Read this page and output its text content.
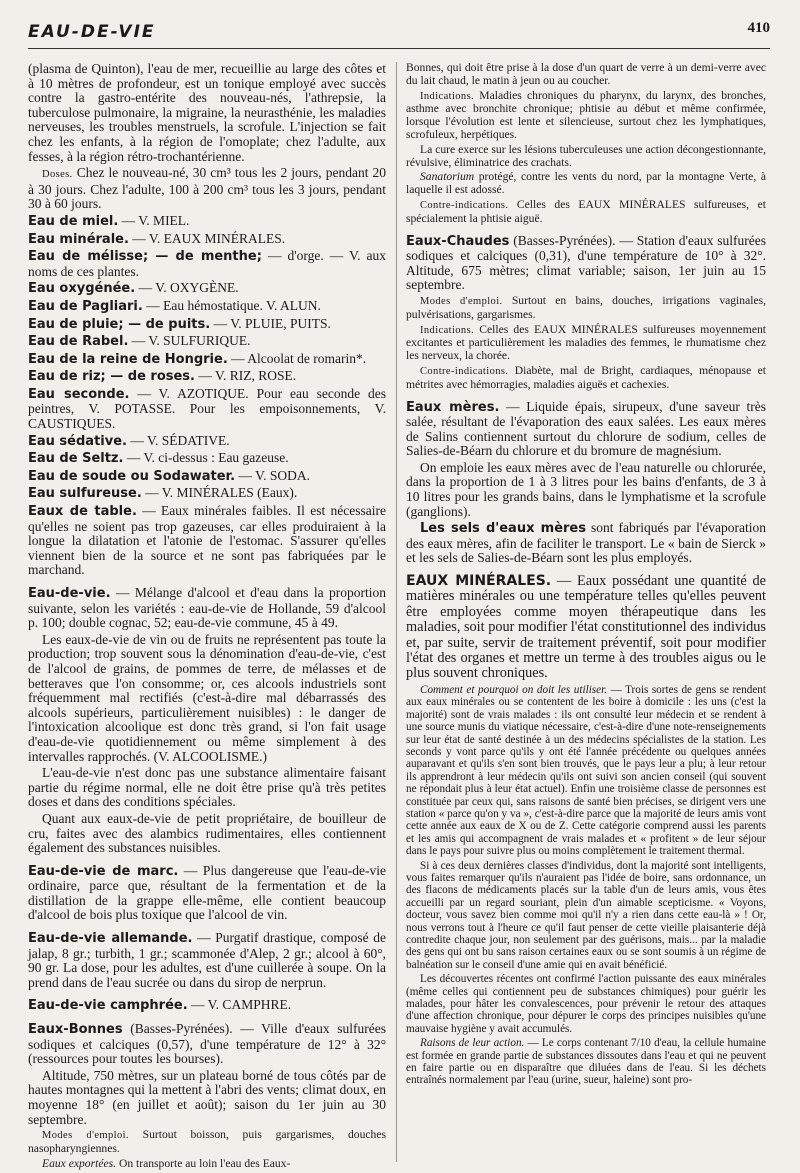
EAU-DE-VIE	410

(plasma de Quinton), l'eau de mer, recueillie au large des côtes et à 10 mètres de profondeur, est un tonique employé avec succès contre la gastro-entérite des nouveau-nés, l'athrepsie, la tuberculose pulmonaire, la migraine, la neurasthénie, les maladies nerveuses, les troubles menstruels, la scrofule. L'injection se fait chez les enfants, à la région de l'omoplate; chez l'adulte, aux fesses, à la région rétro-trochantérienne.

Doses. Chez le nouveau-né, 30 cm³ tous les 2 jours, pendant 20 à 30 jours. Chez l'adulte, 100 à 200 cm³ tous les 3 jours, pendant 30 à 60 jours.

Eau de miel. — V. MIEL.

Eau minérale. — V. EAUX MINÉRALES.

Eau de mélisse; — de menthe; — d'orge. — V. aux noms de ces plantes.

Eau oxygénée. — V. OXYGÈNE.

Eau de Pagliari. — Eau hémostatique. V. ALUN.

Eau de pluie; — de puits. — V. PLUIE, PUITS.

Eau de Rabel. — V. SULFURIQUE.

Eau de la reine de Hongrie. — Alcoolat de romarin*.

Eau de riz; — de roses. — V. RIZ, ROSE.

Eau seconde. — V. AZOTIQUE. Pour eau seconde des peintres, V. POTASSE. Pour les empoisonnements, V. CAUSTIQUES.

Eau sédative. — V. SÉDATIVE.

Eau de Seltz. — V. ci-dessus : Eau gazeuse.

Eau de soude ou Sodawater. — V. SODA.

Eau sulfureuse. — V. MINÉRALES (Eaux).

Eaux de table. — Eaux minérales faibles. Il est nécessaire qu'elles ne soient pas trop gazeuses, car elles produiraient à la longue la dilatation et l'atonie de l'estomac. S'assurer qu'elles viennent bien de la source et ne sont pas fabriquées par le marchand.

Eau-de-vie. — Mélange d'alcool et d'eau dans la proportion suivante, selon les variétés : eau-de-vie de Hollande, 59 d'alcool p. 100; double cognac, 52; eau-de-vie commune, 45 à 49.

Les eaux-de-vie de vin ou de fruits ne représentent pas toute la production; trop souvent sous la dénomination d'eau-de-vie, c'est de l'alcool de grains, de pommes de terre, de mélasses et de betteraves que l'on consomme; or, ces alcools industriels sont fréquemment mal rectifiés (c'est-à-dire mal débarrassés des alcools supérieurs, particulièrement nuisibles) : le danger de l'intoxication alcoolique est donc très grand, si l'on fait usage d'eau-de-vie quotidiennement ou même simplement à des intervalles rapprochés. (V. ALCOOLISME.)

L'eau-de-vie n'est donc pas une substance alimentaire faisant partie du régime normal, elle ne doit être prise qu'à très petites doses et dans des conditions spéciales.

Quant aux eaux-de-vie de petit propriétaire, de bouilleur de cru, faites avec des alambics rudimentaires, elles contiennent également des substances nuisibles.

Eau-de-vie de marc. — Plus dangereuse que l'eau-de-vie ordinaire, parce que, résultant de la fermentation et de la distillation de la grappe elle-même, elle contient beaucoup d'alcool de bois plus toxique que l'alcool de vin.

Eau-de-vie allemande. — Purgatif drastique, composé de jalap, 8 gr.; turbith, 1 gr.; scammonée d'Alep, 2 gr.; alcool à 60°, 90 gr. La dose, pour les adultes, est d'une cuillerée à soupe. On la prend dans de l'eau sucrée ou dans du sirop de nerprun.

Eau-de-vie camphrée. — V. CAMPHRE.

Eaux-Bonnes (Basses-Pyrénées). — Ville d'eaux sulfurées sodiques et calciques (0,57), d'une température de 12° à 32° (ressources pour toutes les bourses).

Altitude, 750 mètres, sur un plateau borné de tous côtés par de hautes montagnes qui la mettent à l'abri des vents; climat doux, en moyenne 18° (en juillet et août); saison du 1er juin au 30 septembre.

Modes d'emploi. Surtout boisson, puis gargarismes, douches nasopharyngiennes.

Eaux exportées. On transporte au loin l'eau des Eaux-

Bonnes, qui doit être prise à la dose d'un quart de verre à un demi-verre avec du lait chaud, le matin à jeun ou au coucher.

Indications. Maladies chroniques du pharynx, du larynx, des bronches, asthme avec bronchite chronique; phtisie au début et même confirmée, lorsque l'évolution est lente et silencieuse, surtout chez les lymphatiques, scrofuleux, herpétiques.

La cure exerce sur les lésions tuberculeuses une action décongestionnante, révulsive, éliminatrice des crachats.

Sanatorium protégé, contre les vents du nord, par la montagne Verte, à laquelle il est adossé.

Contre-indications. Celles des EAUX MINÉRALES sulfureuses, et spécialement la phtisie aiguë.

Eaux-Chaudes (Basses-Pyrénées). — Station d'eaux sulfurées sodiques et calciques (0,31), d'une température de 10° à 32°. Altitude, 675 mètres; climat variable; saison, 1er juin au 15 septembre.

Modes d'emploi. Surtout en bains, douches, irrigations vaginales, pulvérisations, gargarismes.

Indications. Celles des EAUX MINÉRALES sulfureuses moyennement excitantes et particulièrement les maladies des femmes, le rhumatisme chez les nerveux, la chorée.

Contre-indications. Diabète, mal de Bright, cardiaques, ménopause et métrites avec hémorragies, maladies aiguës et cachexies.

Eaux mères. — Liquide épais, sirupeux, d'une saveur très salée, résultant de l'évaporation des eaux salées. Les eaux mères de Salins contiennent surtout du chlorure de sodium, celles de Salies-de-Béarn du chlorure et du bromure de magnésium.

On emploie les eaux mères avec de l'eau naturelle ou chlorurée, dans la proportion de 1 à 3 litres pour les bains d'enfants, de 3 à 10 litres pour les grands bains, dans le lymphatisme et la scrofule (ganglions).

Les sels d'eaux mères sont fabriqués par l'évaporation des eaux mères, afin de faciliter le transport. Le « bain de Sierck » et les sels de Salies-de-Béarn sont les plus employés.

EAUX MINÉRALES. — Eaux possédant une quantité de matières minérales ou une température telles qu'elles peuvent être employées comme moyen thérapeutique dans les maladies, soit pour modifier l'état constitutionnel des individus et, par suite, servir de traitement préventif, soit pour modifier l'état des organes et mettre un terme à des troubles aigus ou le plus souvent chroniques.

Comment et pourquoi on doit les utiliser. — Trois sortes de gens se rendent aux eaux minérales ou se contentent de les boire à domicile : les uns (c'est la majorité) sont de vrais malades : ils ont consulté leur médecin et se rendent à une source munis du viatique nécessaire, c'est-à-dire d'une note-renseignements sur leur état de santé destinée à un des médecins spécialistes de la station. Les seconds y vont parce qu'ils y ont été l'année précédente ou quelques années auparavant et qu'ils s'en sont bien trouvés, que le pays leur a plu; à leur retour ils apprendront à leur médecin qu'ils ont suivi son ancien conseil (qui souvent ne répondait plus à leur état actuel). Enfin une troisième classe de personnes est constituée par ceux qui, sans raisons de santé bien précises, se dirigent vers une station « parce qu'on y va », c'est-à-dire parce que la majorité de leurs amis vont cette année aux eaux de X ou de Z. Cette catégorie comprend aussi les parents et les amis qui accompagnent de vrais malades et « profitent » de leur séjour dans le pays pour suivre plus ou moins complètement le traitement thermal.

Si à ces deux dernières classes d'individus, dont la majorité sont intelligents, vous faites remarquer qu'ils n'auraient pas l'idée de boire, sans ordonnance, un des flacons de médicaments placés sur la table d'un de leurs amis, vous êtes accueilli par un regard souriant, plein d'un aimable scepticisme. « Voyons, docteur, vous savez bien comme moi qu'il n'y a rien dans cette eau-là » ! Or, nous verrons tout à l'heure ce qu'il faut penser de cette vieille plaisanterie déjà contredite chaque jour, non seulement par des guérisons, mais... par la maladie des gens qui ont bu sans raison certaines eaux ou se sont soumis à un régime de balnéation sur le conseil d'une amie qui en avait bénéficié.

Les découvertes récentes ont confirmé l'action puissante des eaux minérales (même celles qui contiennent peu de substances chimiques) pour guérir les malades, pour hâter les convalescences, pour prévenir le retour des attaques d'une affection chronique, pour dépurer le corps des principes nuisibles qu'une mauvaise hygiène y avait accumulés.

Raisons de leur action. — Le corps contenant 7/10 d'eau, la cellule humaine est formée en grande partie de substances dissoutes dans l'eau et qui ne peuvent en faire partie ou en disparaître que diluées dans de l'eau. Si les déchets entraînés normalement par l'eau (urine, sueur, haleine) sont pro-
